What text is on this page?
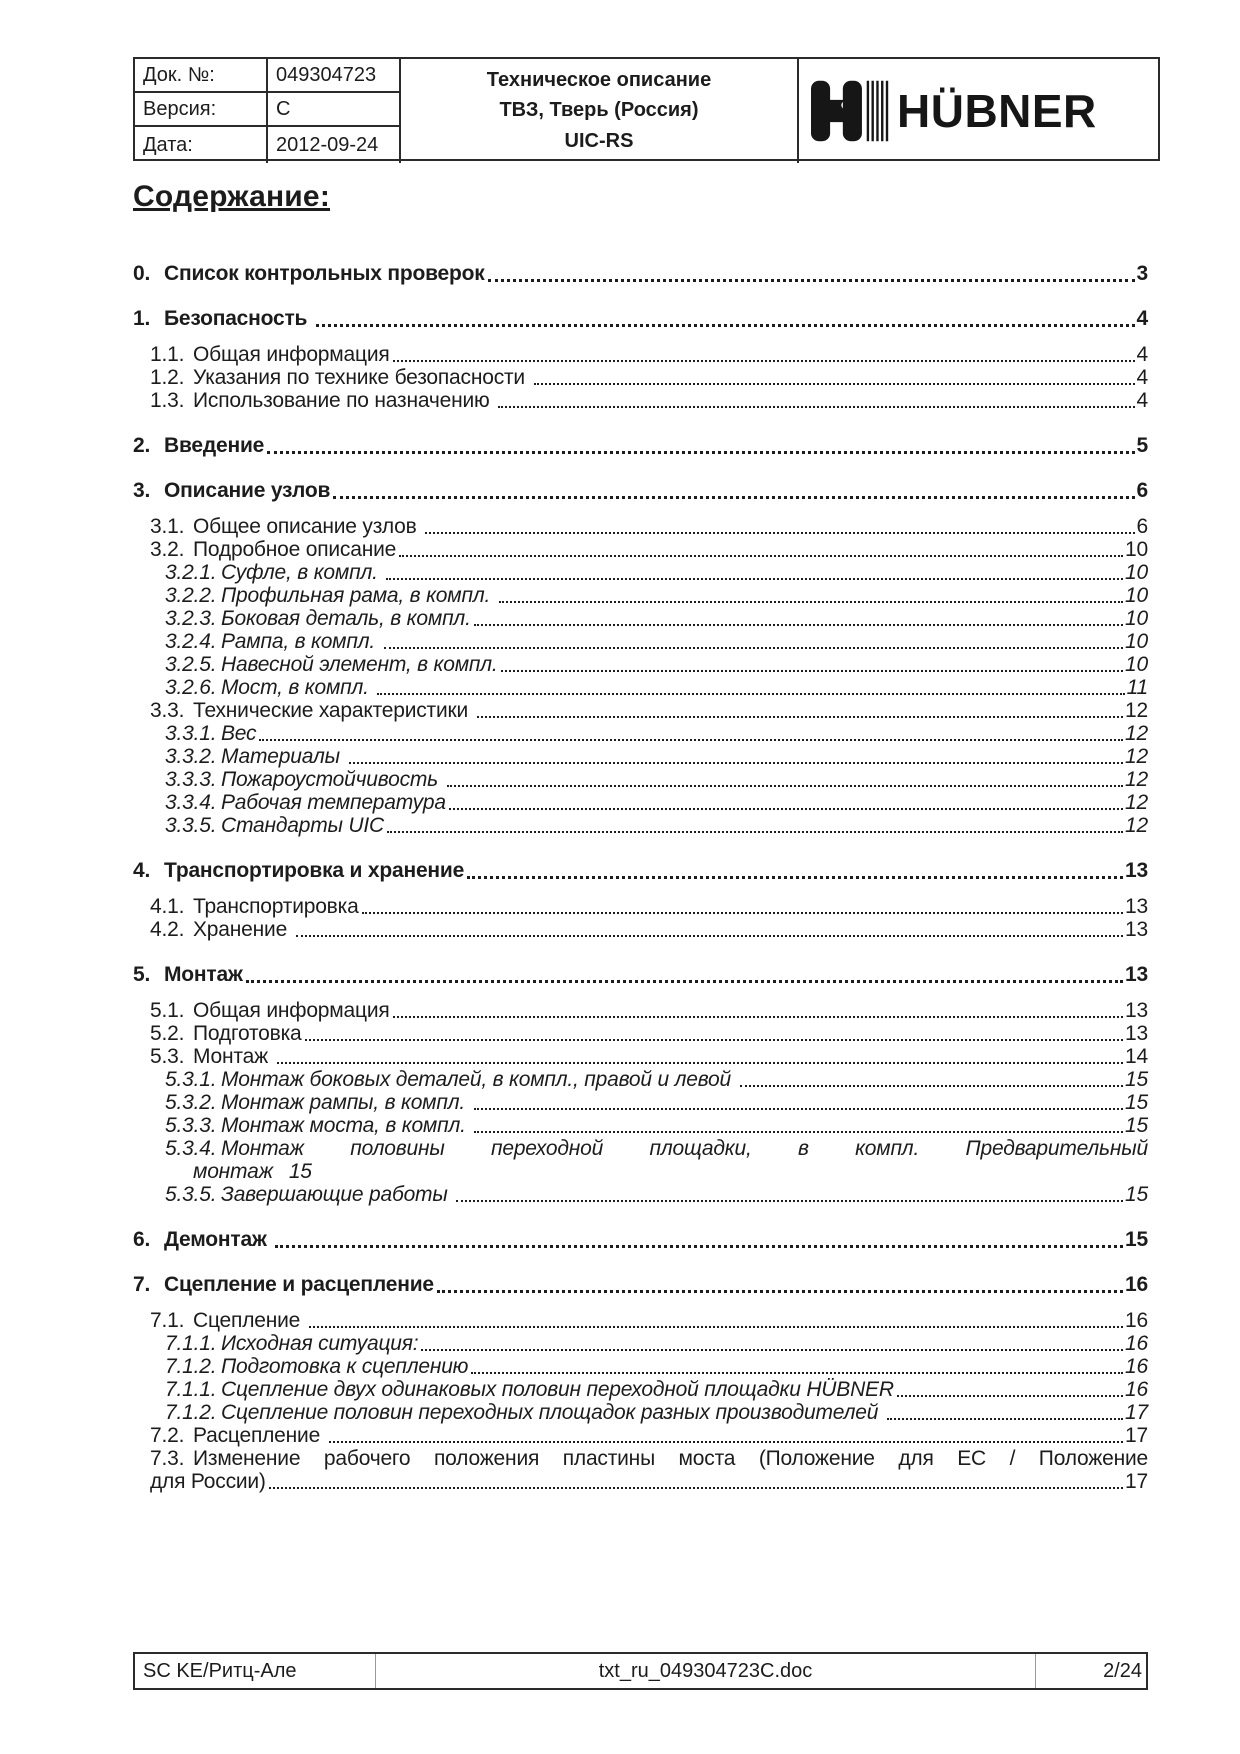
Док. №:	049304723
Версия:	C
Дата:	2012-09-24
Техническое описание
ТВЗ, Тверь (Россия)
UIC-RS
HÜBNER
Содержание:
0. Список контрольных проверок	3
1. Безопасность	4
1.1. Общая информация	4
1.2. Указания по технике безопасности	4
1.3. Использование по назначению	4
2. Введение	5
3. Описание узлов	6
3.1. Общее описание узлов	6
3.2. Подробное описание	10
3.2.1. Суфле, в компл.	10
3.2.2. Профильная рама, в компл.	10
3.2.3. Боковая деталь, в компл.	10
3.2.4. Рампа, в компл.	10
3.2.5. Навесной элемент, в компл.	10
3.2.6. Мост, в компл.	11
3.3. Технические характеристики	12
3.3.1. Вес	12
3.3.2. Материалы	12
3.3.3. Пожароустойчивость	12
3.3.4. Рабочая температура	12
3.3.5. Стандарты UIC	12
4. Транспортировка и хранение	13
4.1. Транспортировка	13
4.2. Хранение	13
5. Монтаж	13
5.1. Общая информация	13
5.2. Подготовка	13
5.3. Монтаж	14
5.3.1. Монтаж боковых деталей, в компл., правой и левой	15
5.3.2. Монтаж рампы, в компл.	15
5.3.3. Монтаж моста, в компл.	15
5.3.4. Монтаж половины переходной площадки, в компл. Предварительный
монтаж 15
5.3.5. Завершающие работы	15
6. Демонтаж	15
7. Сцепление и расцепление	16
7.1. Сцепление	16
7.1.1. Исходная ситуация:	16
7.1.2. Подготовка к сцеплению	16
7.1.1. Сцепление двух одинаковых половин переходной площадки HÜBNER	16
7.1.2. Сцепление половин переходных площадок разных производителей	17
7.2. Расцепление	17
7.3. Изменение рабочего положения пластины моста (Положение для ЕС / Положение
для России)	17
SC KE/Ритц-Але	txt_ru_049304723C.doc	2/24
